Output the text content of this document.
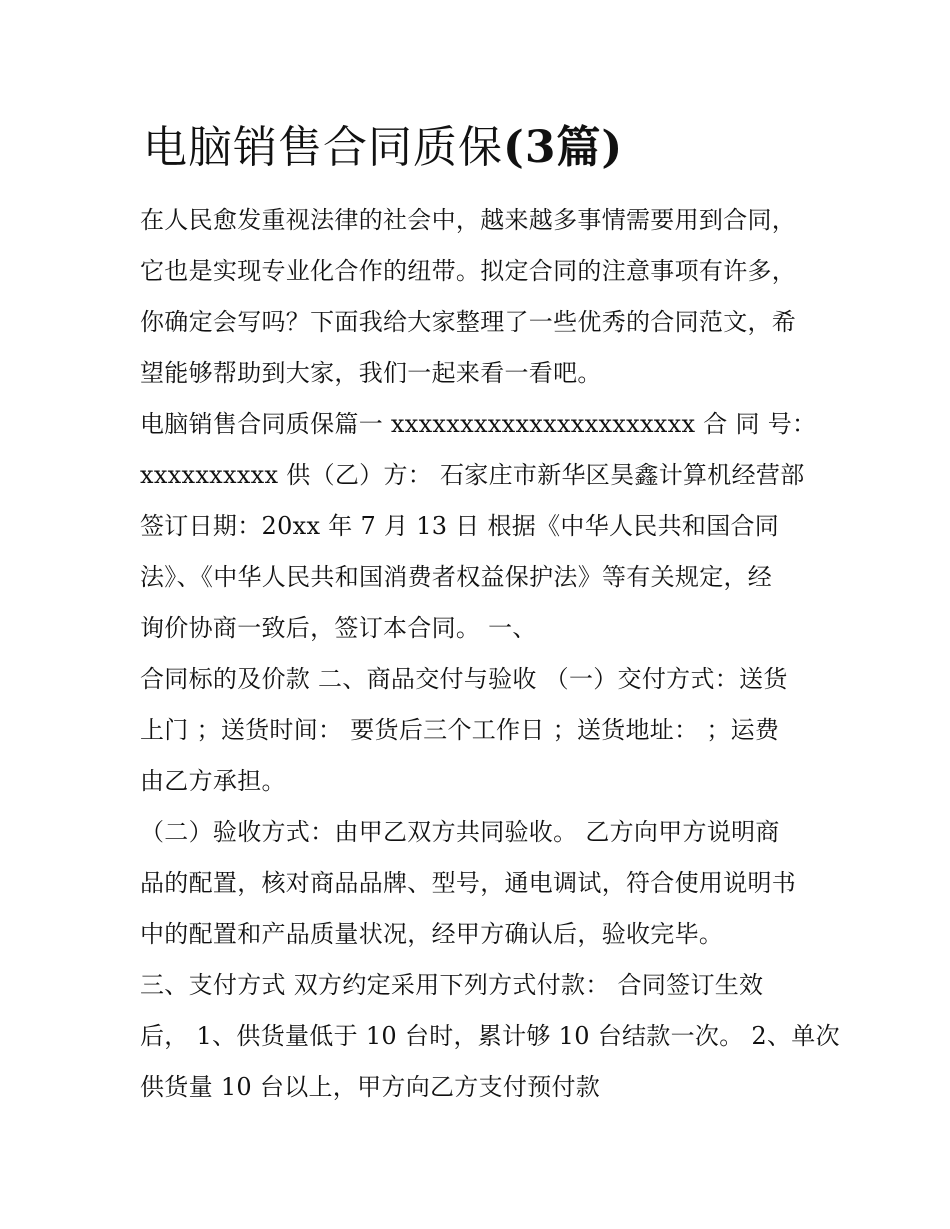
电脑销售合同质保(3篇)
在人民愈发重视法律的社会中，越来越多事情需要用到合同，
它也是实现专业化合作的纽带。拟定合同的注意事项有许多，
你确定会写吗？下面我给大家整理了一些优秀的合同范文，希
望能够帮助到大家，我们一起来看一看吧。
电脑销售合同质保篇一 xxxxxxxxxxxxxxxxxxxxxx 合 同 号：
xxxxxxxxxx 供（乙）方： 石家庄市新华区昊鑫计算机经营部
签订日期：20xx 年 7 月 13 日 根据《中华人民共和国合同
法》、《中华人民共和国消费者权益保护法》等有关规定，经
询价协商一致后，签订本合同。 一、
合同标的及价款 二、商品交付与验收 （一）交付方式：送货
上门 ；送货时间： 要货后三个工作日 ；送货地址： ；运费
由乙方承担。
（二）验收方式：由甲乙双方共同验收。 乙方向甲方说明商
品的配置，核对商品品牌、型号，通电调试，符合使用说明书
中的配置和产品质量状况，经甲方确认后，验收完毕。
三、支付方式 双方约定采用下列方式付款： 合同签订生效
后， 1、供货量低于 10 台时，累计够 10 台结款一次。 2、单次
供货量 10 台以上，甲方向乙方支付预付款
